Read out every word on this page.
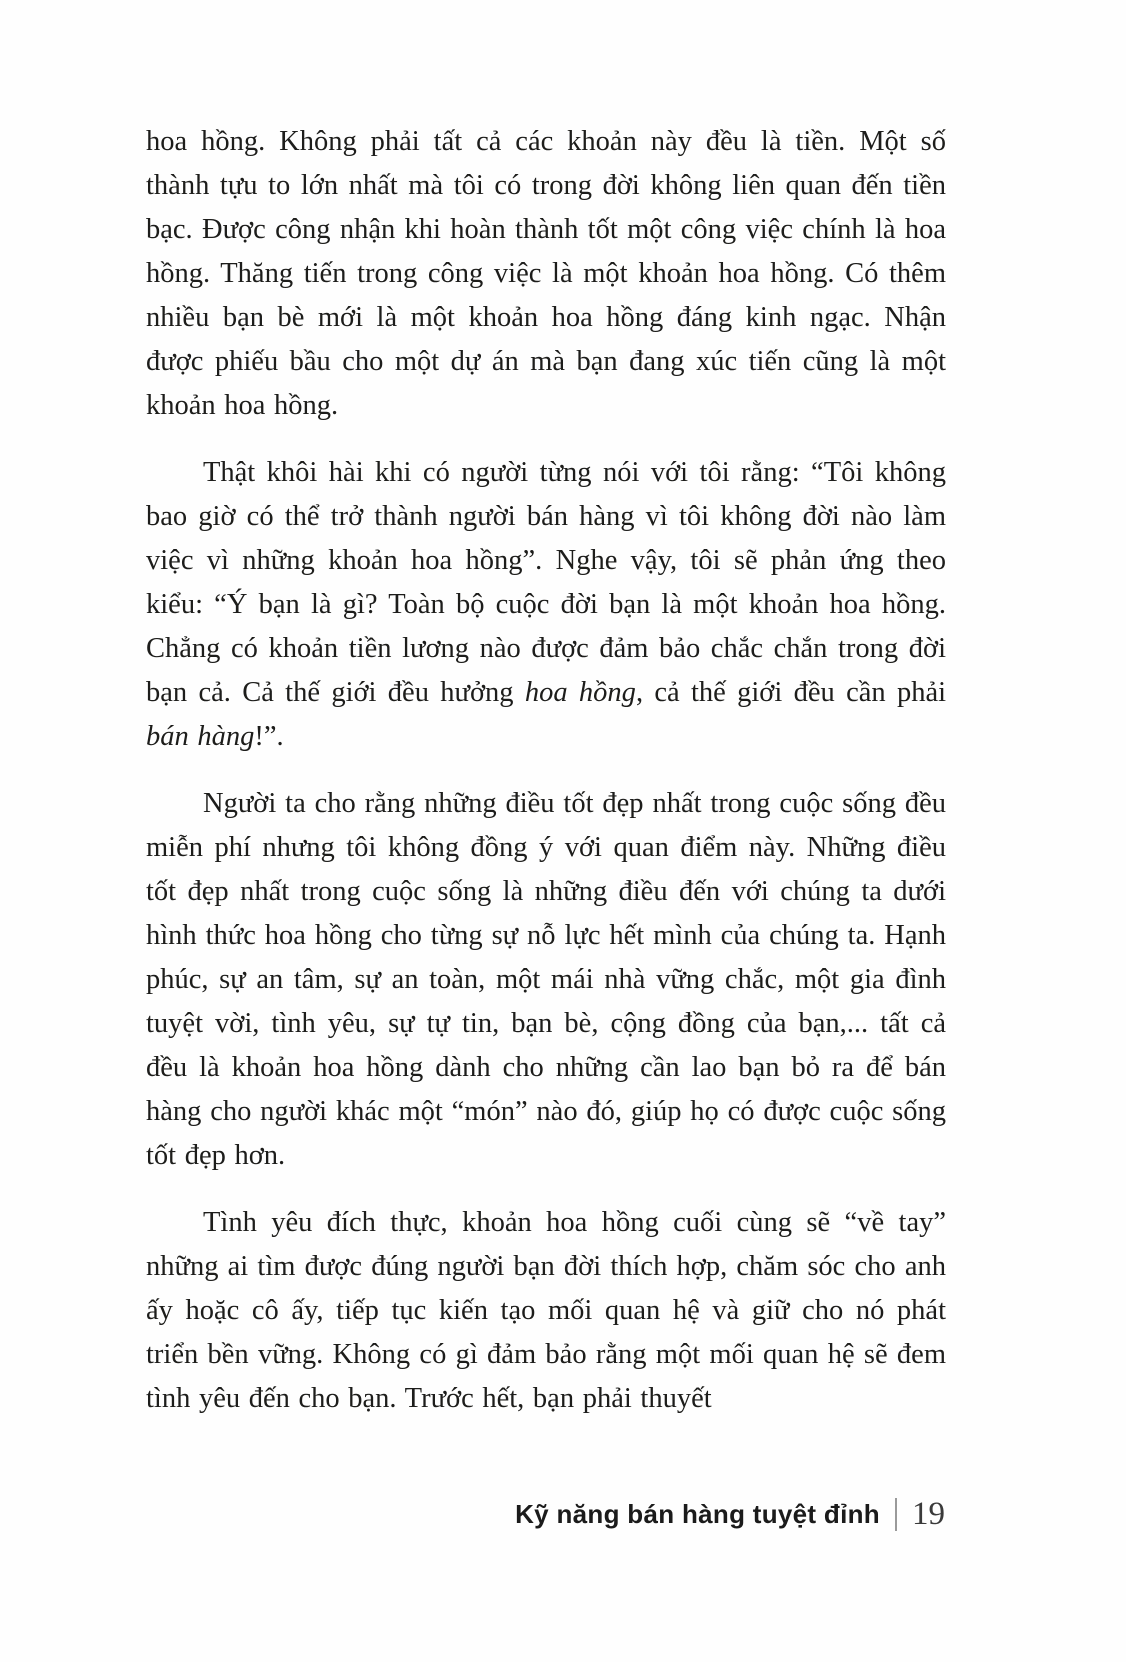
hoa hồng. Không phải tất cả các khoản này đều là tiền. Một số thành tựu to lớn nhất mà tôi có trong đời không liên quan đến tiền bạc. Được công nhận khi hoàn thành tốt một công việc chính là hoa hồng. Thăng tiến trong công việc là một khoản hoa hồng. Có thêm nhiều bạn bè mới là một khoản hoa hồng đáng kinh ngạc. Nhận được phiếu bầu cho một dự án mà bạn đang xúc tiến cũng là một khoản hoa hồng.

Thật khôi hài khi có người từng nói với tôi rằng: “Tôi không bao giờ có thể trở thành người bán hàng vì tôi không đời nào làm việc vì những khoản hoa hồng”. Nghe vậy, tôi sẽ phản ứng theo kiểu: “Ý bạn là gì? Toàn bộ cuộc đời bạn là một khoản hoa hồng. Chẳng có khoản tiền lương nào được đảm bảo chắc chắn trong đời bạn cả. Cả thế giới đều hưởng hoa hồng, cả thế giới đều cần phải bán hàng!”.

Người ta cho rằng những điều tốt đẹp nhất trong cuộc sống đều miễn phí nhưng tôi không đồng ý với quan điểm này. Những điều tốt đẹp nhất trong cuộc sống là những điều đến với chúng ta dưới hình thức hoa hồng cho từng sự nỗ lực hết mình của chúng ta. Hạnh phúc, sự an tâm, sự an toàn, một mái nhà vững chắc, một gia đình tuyệt vời, tình yêu, sự tự tin, bạn bè, cộng đồng của bạn,... tất cả đều là khoản hoa hồng dành cho những cần lao bạn bỏ ra để bán hàng cho người khác một “món” nào đó, giúp họ có được cuộc sống tốt đẹp hơn.

Tình yêu đích thực, khoản hoa hồng cuối cùng sẽ “về tay” những ai tìm được đúng người bạn đời thích hợp, chăm sóc cho anh ấy hoặc cô ấy, tiếp tục kiến tạo mối quan hệ và giữ cho nó phát triển bền vững. Không có gì đảm bảo rằng một mối quan hệ sẽ đem tình yêu đến cho bạn. Trước hết, bạn phải thuyết

Kỹ năng bán hàng tuyệt đỉnh 19
